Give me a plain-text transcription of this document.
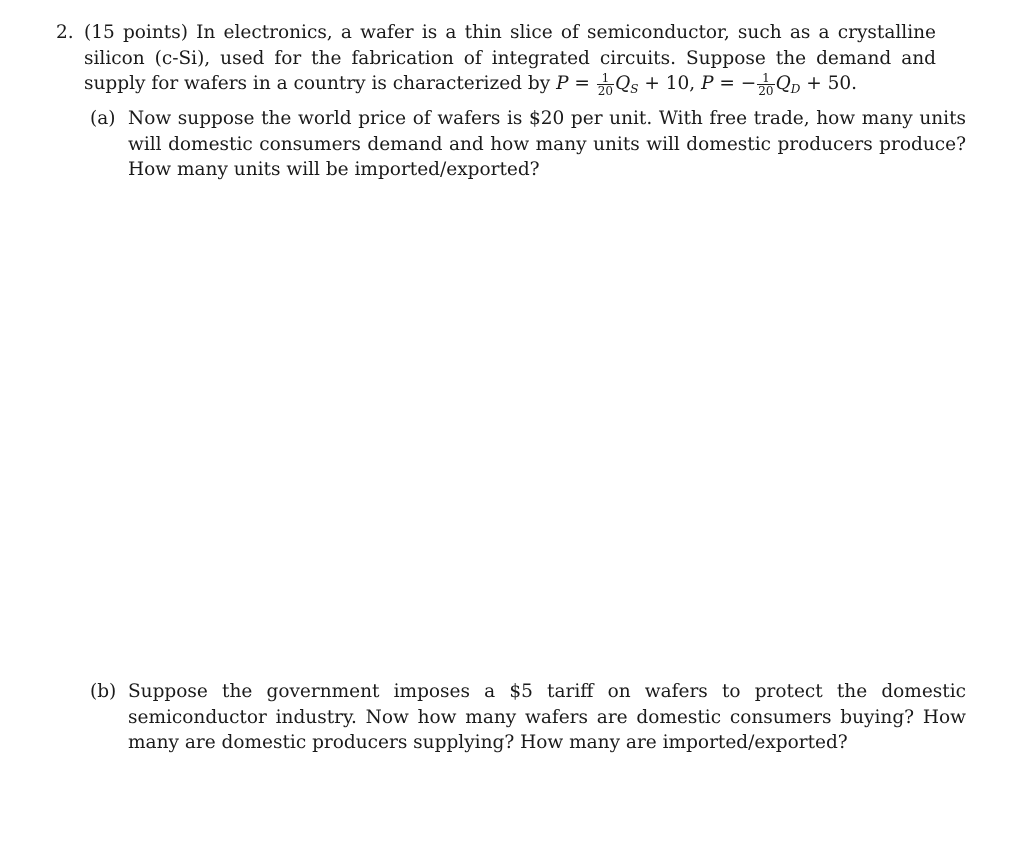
2. (15 points) In electronics, a wafer is a thin slice of semiconductor, such as a crystalline silicon (c-Si), used for the fabrication of integrated circuits. Suppose the demand and supply for wafers in a country is characterized by $P = \frac{1}{20} Q_S + 10$, P = − $\frac{1}{20} Q_D + 50$.
(a) Now suppose the world price of wafers is $20 per unit. With free trade, how many units will domestic consumers demand and how many units will domestic producers produce? How many units will be imported/exported?
(b) Suppose the government imposes a $5 tariff on wafers to protect the domestic semiconductor industry. Now how many wafers are domestic consumers buying? How many are domestic producers supplying? How many are imported/exported?
